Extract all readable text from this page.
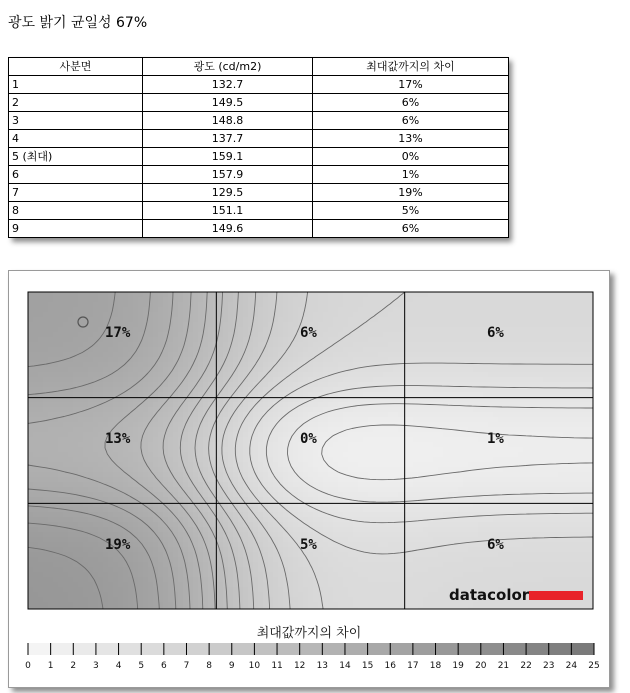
광도 밝기 균일성 67%
사분면	광도 (cd/m2)	최대값까지의 차이
1	132.7	17%
2	149.5	6%
3	148.8	6%
4	137.7	13%
5 (최대)	159.1	0%
6	157.9	1%
7	129.5	19%
8	151.1	5%
9	149.6	6%
17%	6%	6%
13%	0%	1%
19%	5%	6%
datacolor
최대값까지의 차이
0 1 2 3 4 5 6 7 8 9 10 11 12 13 14 15 16 17 18 19 20 21 22 23 24 25
